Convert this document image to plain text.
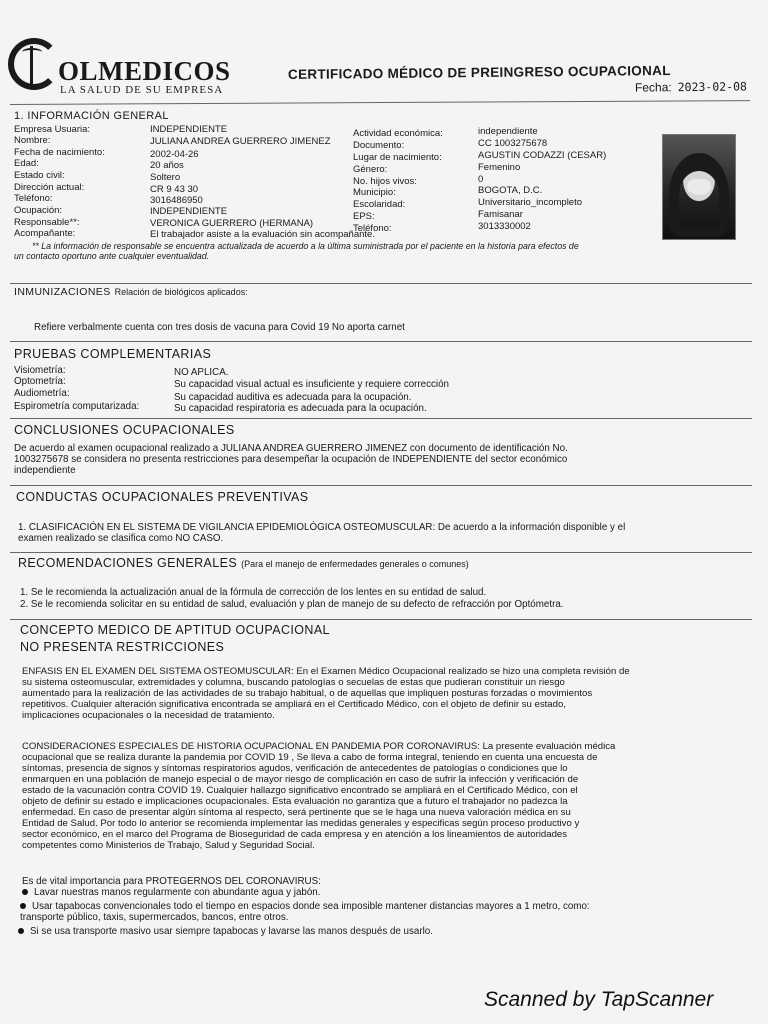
OLMEDICOS
LA SALUD DE SU EMPRESA
CERTIFICADO MÉDICO DE PREINGRESO OCUPACIONAL
Fecha: 2023-02-08
1. INFORMACIÓN GENERAL
Empresa Usuaria:	INDEPENDIENTE
Nombre:	JULIANA ANDREA GUERRERO JIMENEZ
Fecha de nacimiento:	2002-04-26
Edad:	20 años
Estado civil:	Soltero
Dirección actual:	CR 9 43 30
Teléfono:	3016486950
Ocupación:	INDEPENDIENTE
Responsable**:	VERONICA GUERRERO (HERMANA)
Acompañante:	El trabajador asiste a la evaluación sin acompañante.
Actividad económica:	independiente
Documento:	CC 1003275678
Lugar de nacimiento:	AGUSTIN CODAZZI (CESAR)
Género:	Femenino
No. hijos vivos:	0
Municipio:	BOGOTA, D.C.
Escolaridad:	Universitario_incompleto
EPS:	Famisanar
Teléfono:	3013330002
** La información de responsable se encuentra actualizada de acuerdo a la última suministrada por el paciente en la historia para efectos de
un contacto oportuno ante cualquier eventualidad.
INMUNIZACIONES Relación de biológicos aplicados:
Refiere verbalmente cuenta con tres dosis de vacuna para Covid 19 No aporta carnet
PRUEBAS COMPLEMENTARIAS
Visiometría:	NO APLICA.
Optometría:	Su capacidad visual actual es insuficiente y requiere corrección
Audiometría:	Su capacidad auditiva es adecuada para la ocupación.
Espirometría computarizada:	Su capacidad respiratoria es adecuada para la ocupación.
CONCLUSIONES OCUPACIONALES
De acuerdo al examen ocupacional realizado a JULIANA ANDREA GUERRERO JIMENEZ con documento de identificación No.
1003275678 se considera no presenta restricciones para desempeñar la ocupación de INDEPENDIENTE del sector económico
independiente
CONDUCTAS OCUPACIONALES PREVENTIVAS
1. CLASIFICACIÓN EN EL SISTEMA DE VIGILANCIA EPIDEMIOLÓGICA OSTEOMUSCULAR: De acuerdo a la información disponible y el
examen realizado se clasifica como NO CASO.
RECOMENDACIONES GENERALES (Para el manejo de enfermedades generales o comunes)
1. Se le recomienda la actualización anual de la fórmula de corrección de los lentes en su entidad de salud.
2. Se le recomienda solicitar en su entidad de salud, evaluación y plan de manejo de su defecto de refracción por Optómetra.
CONCEPTO MEDICO DE APTITUD OCUPACIONAL
NO PRESENTA RESTRICCIONES
ENFASIS EN EL EXAMEN DEL SISTEMA OSTEOMUSCULAR: En el Examen Médico Ocupacional realizado se hizo una completa revisión de
su sistema osteomuscular, extremidades y columna, buscando patologías o secuelas de estas que pudieran constituir un riesgo
aumentado para la realización de las actividades de su trabajo habitual, o de aquellas que impliquen posturas forzadas o movimientos
repetitivos. Cualquier alteración significativa encontrada se ampliará en el Certificado Médico, con el objeto de definir su estado,
implicaciones ocupacionales o la necesidad de tratamiento.
CONSIDERACIONES ESPECIALES DE HISTORIA OCUPACIONAL EN PANDEMIA POR CORONAVIRUS: La presente evaluación médica
ocupacional que se realiza durante la pandemia por COVID 19 , Se lleva a cabo de forma integral, teniendo en cuenta una encuesta de
síntomas, presencia de signos y síntomas respiratorios agudos, verificación de antecedentes de patologías o condiciones que lo
enmarquen en una población de manejo especial o de mayor riesgo de complicación en caso de sufrir la infección y verificación de
estado de la vacunación contra COVID 19. Cualquier hallazgo significativo encontrado se ampliará en el Certificado Médico, con el
objeto de definir su estado e implicaciones ocupacionales. Esta evaluación no garantiza que a futuro el trabajador no padezca la
enfermedad. En caso de presentar algún síntoma al respecto, será pertinente que se le haga una nueva valoración médica en su
Entidad de Salud. Por todo lo anterior se recomienda implementar las medidas generales y especificas según proceso productivo y
sector económico, en el marco del Programa de Bioseguridad de cada empresa y en atención a los lineamientos de autoridades
competentes como Ministerios de Trabajo, Salud y Seguridad Social.
Es de vital importancia para PROTEGERNOS DEL CORONAVIRUS:
Lavar nuestras manos regularmente con abundante agua y jabón.
Usar tapabocas convencionales todo el tiempo en espacios donde sea imposible mantener distancias mayores a 1 metro, como:
transporte público, taxis, supermercados, bancos, entre otros.
Si se usa transporte masivo usar siempre tapabocas y lavarse las manos después de usarlo.
Scanned by TapScanner
